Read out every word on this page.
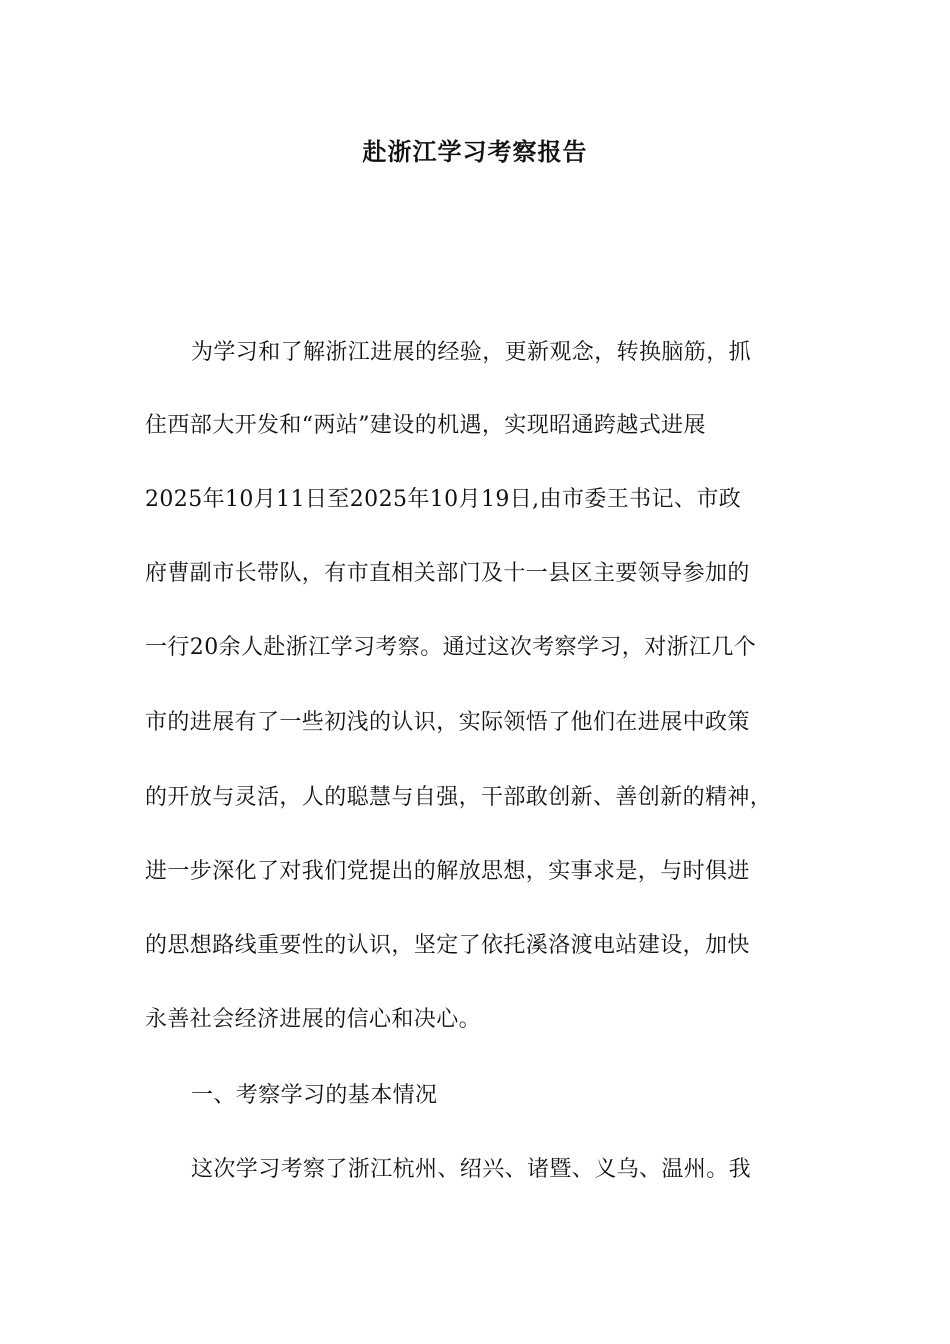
赴浙江学习考察报告
为学习和了解浙江进展的经验，更新观念，转换脑筋，抓
住西部大开发和“两站”建设的机遇，实现昭通跨越式进展
2025年10月11日至2025年10月19日,由市委王书记、市政
府曹副市长带队，有市直相关部门及十一县区主要领导参加的
一行20余人赴浙江学习考察。通过这次考察学习，对浙江几个
市的进展有了一些初浅的认识，实际领悟了他们在进展中政策
的开放与灵活，人的聪慧与自强，干部敢创新、善创新的精神，
进一步深化了对我们党提出的解放思想，实事求是，与时俱进
的思想路线重要性的认识，坚定了依托溪洛渡电站建设，加快
永善社会经济进展的信心和决心。
一、考察学习的基本情况
这次学习考察了浙江杭州、绍兴、诸暨、义乌、温州。我
